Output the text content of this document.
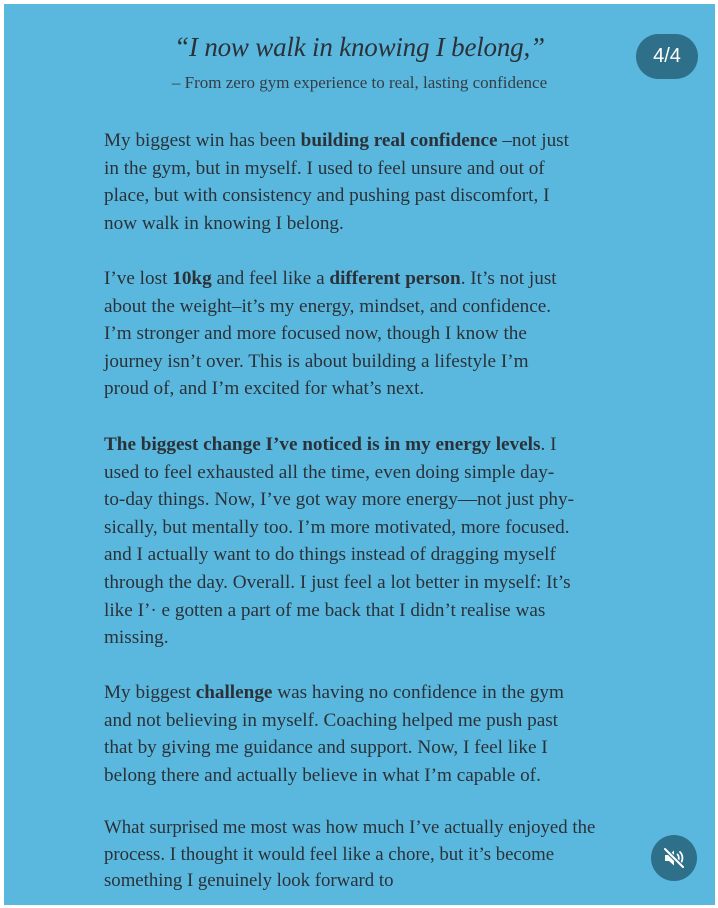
“I now walk in knowing I belong,”
– From zero gym experience to real, lasting confidence
4/4

My biggest win has been building real confidence –not just
in the gym, but in myself. I used to feel unsure and out of
place, but with consistency and pushing past discomfort, I
now walk in knowing I belong.

I’ve lost 10kg and feel like a different person. It’s not just
about the weight–it’s my energy, mindset, and confidence.
I’m stronger and more focused now, though I know the
journey isn’t over. This is about building a lifestyle I’m
proud of, and I’m excited for what’s next.

The biggest change I’ve noticed is in my energy levels. I
used to feel exhausted all the time, even doing simple day-
to-day things. Now, I’ve got way more energy—not just phy-
sically, but mentally too. I’m more motivated, more focused.
and I actually want to do things instead of dragging myself
through the day. Overall. I just feel a lot better in myself: It’s
like I’· e gotten a part of me back that I didn’t realise was
missing.

My biggest challenge was having no confidence in the gym
and not believing in myself. Coaching helped me push past
that by giving me guidance and support. Now, I feel like I
belong there and actually believe in what I’m capable of.

What surprised me most was how much I’ve actually enjoyed the
process. I thought it would feel like a chore, but it’s become
something I genuinely look forward to
